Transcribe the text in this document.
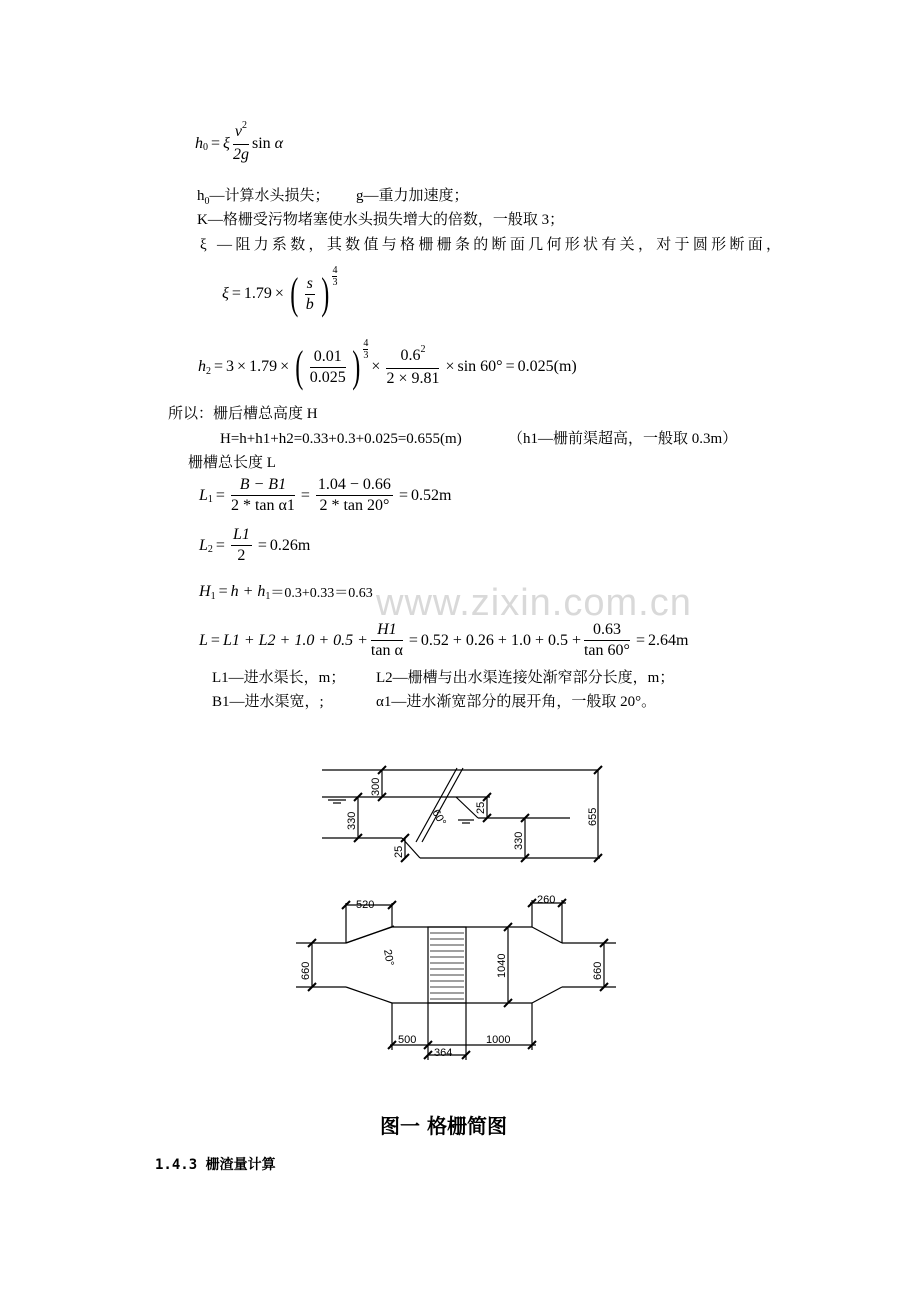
h 0 = ξ $\frac{v^2}{2g}$ sin
α
$h_0—$计算水头损失； g—重力加速度；
K—格栅受污物堵塞使水头损失增大的倍数，一般取 3；
ξ —阻力系数，其数值与格栅栅条的断面几何形状有关，对于圆形断面，
ξ = 1.79 × ( $\frac{s}{b}$ ) 4
3
h 2 = 3 × 1.79 × ( $\frac{0.01}{0.025}$ ) $\frac{4}{3}$
× $\frac{0.6^2}{2 \times 9.81} \times \sin 60^\circ = 0.025(m)$
所以：栅后槽总高度 H
H=h+h1+h2=0.33+0.3+0.025=0.655(m)	（h1—栅前渠超高，一般取 0.3m）
栅槽总长度 L
L $1 = \frac{B - B1}{\text{2 * tan α1}} = \frac{1.04 - 0.66}{2 * \tan 20^\circ} = 0.52m$
L $2 = \frac{L1}{2} = 0.26m$
H 1 = h + h 1 ＝0.3+0.33＝0.63 www.zixin.com.cn
$L = L1 + L2 + 1.0 + 0.5 + \frac{H1}{\text{tan α}} = 0.52 + 0.26 + 1.0 + 0.5 + \frac{0.63}{\tan 60^\circ} = 2.64m$
L1—进水渠长，m； L2—栅槽与出水渠连接处渐窄部分长度，m；
B1—进水渠宽，;	α1—进水渐宽部分的展开角，一般取 20°。
300
330
25
60° 25
330
655
520	260
660
20°	1040	660
500
364
1000
图一 格栅简图
1.4.3 栅渣量计算
